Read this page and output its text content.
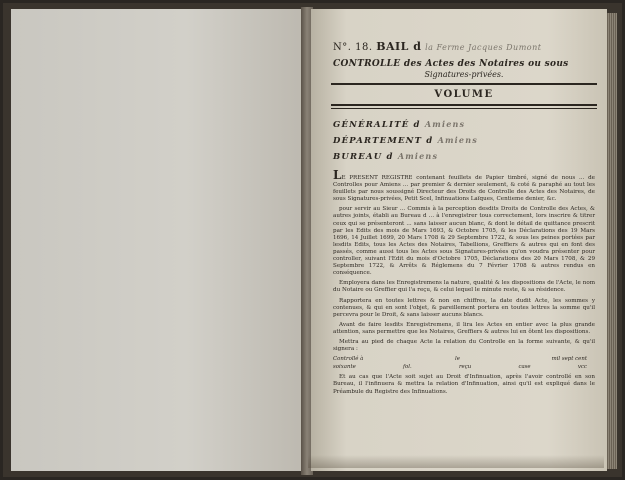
N°. 18. BAIL d la Ferme Jacques Dumont
CONTROLLE des Actes des Notaires ou sous
Signatures-privées.
VOLUME
GÉNÉRALITÉ d Amiens
DÉPARTEMENT d Amiens
BUREAU d Amiens

LE PRESENT REGISTRE contenant feuillets de Papier timbré, signé de nous ... de Controlles pour Amiens ... par premier & dernier seulement, & coté & paraphé au tout les feuillets par nous soussigné Directeur des Droits de Controlle des Actes des Notaires, de sous Signatures-privées, Petit Scel, Infinuations Laïques, Centieme denier, &c.

pour servir au Sieur ... Commis à la perception desdits Droits de Controlle des Actes, & autres joints, établi au Bureau d ... à l'enregistrer tous correctement, lors inscrire & titrer ceux qui se présenteront ... sans laisser aucun blanc, & dont le détail de quittance prescrit par les Edits des mois de Mars 1693, & Octobre 1705, & les Déclarations des 19 Mars 1696, 14 Juillet 1699, 20 Mars 1708 & 29 Septembre 1722, & sous les peines portées par lesdits Edits, tous les Actes des Notaires, Tabellions, Greffiers & autres qui en font des passés, comme aussi tous les Actes sous Signatures-privées qu'on voudra présenter pour controller, suivant l'Edit du mois d'Octobre 1705, Déclarations des 20 Mars 1708, & 29 Septembre 1722, & Arrêts & Réglemens du 7 Février 1708 & autres rendus en conséquence.

Employera dans les Enregistremens la nature, qualité & les dispositions de l'Acte, le nom du Notaire ou Greffier qui l'a reçu, & celui lequel le minute reste, & sa résidence.

Rapportera en toutes lettres & non en chiffres, la date dudit Acte, les sommes y contenues, & qui en sont l'objet, & pareillement portera en toutes lettres la somme qu'il percevra pour le Droit, & sans laisser aucuns blancs.

Avant de faire lesdits Enregistremens, il lira les Actes en entier avec la plus grande attention, sans permettre que les Notaires, Greffiers & autres lui en ôtent les dispositions.

Mettra au pied de chaque Acte la relation du Controlle en la forme suivante, & qu'il signera :

Controllé à	le	mil sept cent
soixante	fol.	reçu	case	vcc

Et au cas que l'Acte soit sujet au Droit d'Infinuation, après l'avoir controllé en son Bureau, il l'infinuera & mettra la relation d'Infinuation, ainsi qu'il est expliqué dans le Préambule du Registre des Infinuations.
